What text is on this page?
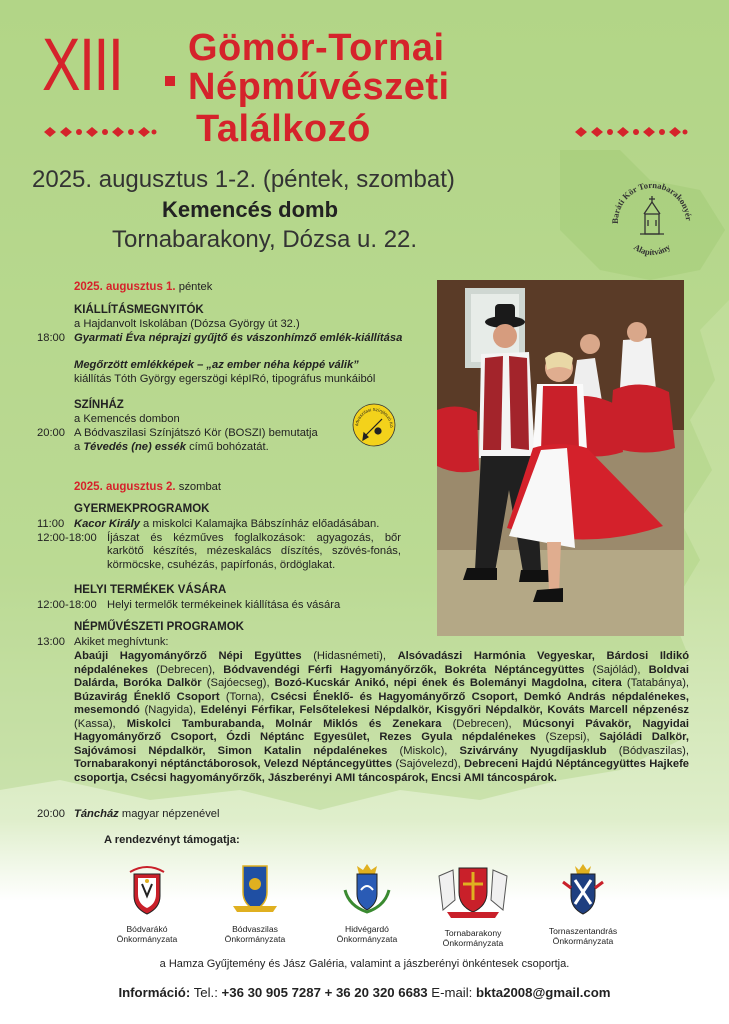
XIII Gömör-Tornai
Népművészeti
Találkozó
2025. augusztus 1-2. (péntek, szombat)
Kemencés domb
Tornabarakony, Dózsa u. 22.
Baráti Kör Tornabarakonyér
Alapítvány
ódvaszilasi Színjátszó Kö
2025. augusztus 1. péntek
KIÁLLÍTÁSMEGNYITÓK
a Hajdanvolt Iskolában (Dózsa György út 32.)
18:00 Gyarmati Éva néprajzi gyűjtő és vászonhímző emlék-kiállítása
Megőrzött emlékképek – „az ember néha képpé válik”
kiállítás Tóth György egerszögi képIRó, tipográfus munkáiból
SZÍNHÁZ
a Kemencés dombon
20:00 A Bódvaszilasi Színjátszó Kör (BOSZI) bemutatja
a Tévedés (ne) essék című bohózatát.
2025. augusztus 2. szombat
GYERMEKPROGRAMOK
11:00 Kacor Király a miskolci Kalamajka Bábszínház előadásában.
12:00-18:00 Íjászat és kézműves foglalkozások: agyagozás, bőr karkötő készítés, mézeskalács díszítés, szövés-fonás, körmöcske, csuhézás, papírfonás, ördöglakat.
HELYI TERMÉKEK VÁSÁRA
12:00-18:00 Helyi termelők termékeinek kiállítása és vására
NÉPMŰVÉSZETI PROGRAMOK
13:00 Akiket meghívtunk:
Abaúji Hagyományőrző Népi Együttes (Hidasnémeti), Alsóvadászi Harmónia Vegyeskar, Bárdosi Ildikó népdalénekes (Debrecen), Bódvavendégi Férfi Hagyományőrzők, Bokréta Néptáncegyüttes (Sajólád), Boldvai Dalárda, Boróka Dalkör (Sajóecseg), Bozó-Kucskár Anikó, népi ének és Bolemányi Magdolna, citera (Tatabánya), Búzavirág Éneklő Csoport (Torna), Csécsi Éneklő- és Hagyományőrző Csoport, Demkó András népdalénekes, mesemondó (Nagyida), Edelényi Férfikar, Felsőtelekesi Népdalkör, Kisgyőri Népdalkör, Kováts Marcell népzenész (Kassa), Miskolci Tamburabanda, Molnár Miklós és Zenekara (Debrecen), Múcsonyi Pávakör, Nagyidai Hagyományőrző Csoport, Ózdi Néptánc Egyesület, Rezes Gyula népdalénekes (Szepsi), Sajóládi Dalkör, Sajóvámosi Népdalkör, Simon Katalin népdalénekes (Miskolc), Szivárvány Nyugdíjasklub (Bódvaszilas), Tornabarakonyi néptánctáborosok, Velezd Néptáncegyüttes (Sajóvelezd), Debreceni Hajdú Néptáncegyüttes Hajkefe csoportja, Csécsi hagyományőrzők, Jászberényi AMI táncospárok, Encsi AMI táncospárok.
20:00 Táncház magyar népzenével
A rendezvényt támogatja:
Bódvarákó
Önkormányzata
Bódvaszilas
Önkormányzata
Hidvégardó
Önkormányzata
Tornabarakony
Önkormányzata
Tornaszentandrás
Önkormányzata
a Hamza Gyűjtemény és Jász Galéria, valamint a jászberényi önkéntesek csoportja.
Információ: Tel.: +36 30 905 7287 + 36 20 320 6683 E-mail: bkta2008@gmail.com
